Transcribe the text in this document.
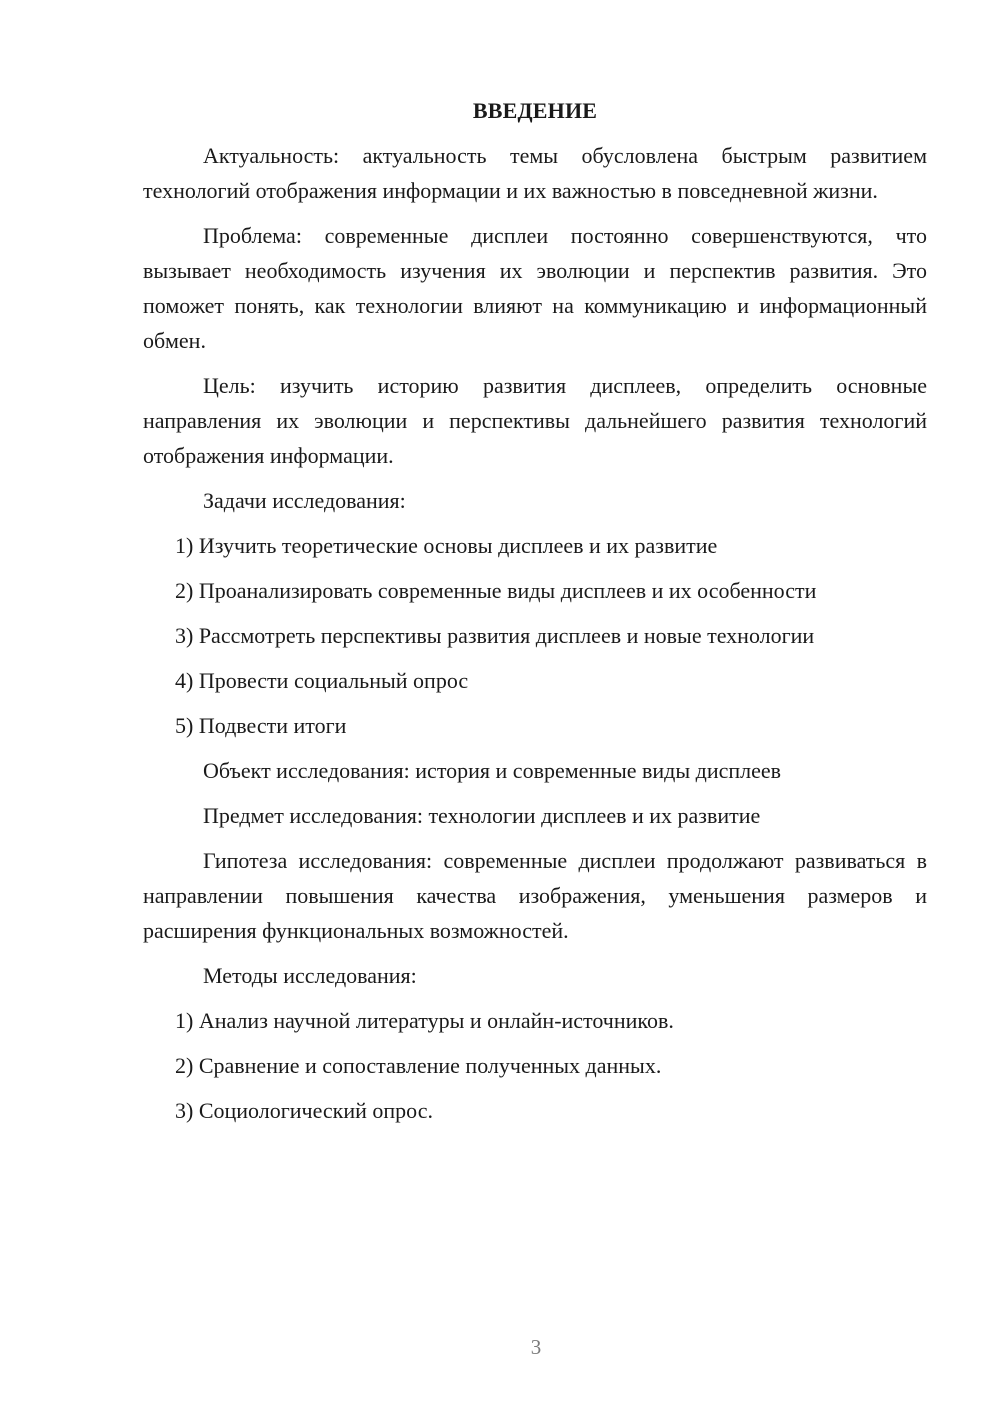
ВВЕДЕНИЕ

Актуальность: актуальность темы обусловлена быстрым развитием технологий отображения информации и их важностью в повседневной жизни.

Проблема: современные дисплеи постоянно совершенствуются, что вызывает необходимость изучения их эволюции и перспектив развития. Это поможет понять, как технологии влияют на коммуникацию и информационный обмен.

Цель: изучить историю развития дисплеев, определить основные направления их эволюции и перспективы дальнейшего развития технологий отображения информации.

Задачи исследования:
1) Изучить теоретические основы дисплеев и их развитие
2) Проанализировать современные виды дисплеев и их особенности
3) Рассмотреть перспективы развития дисплеев и новые технологии
4) Провести социальный опрос
5) Подвести итоги
Объект исследования: история и современные виды дисплеев
Предмет исследования: технологии дисплеев и их развитие

Гипотеза исследования: современные дисплеи продолжают развиваться в направлении повышения качества изображения, уменьшения размеров и расширения функциональных возможностей.

Методы исследования:
1) Анализ научной литературы и онлайн-источников.
2) Сравнение и сопоставление полученных данных.
3) Социологический опрос.
3
